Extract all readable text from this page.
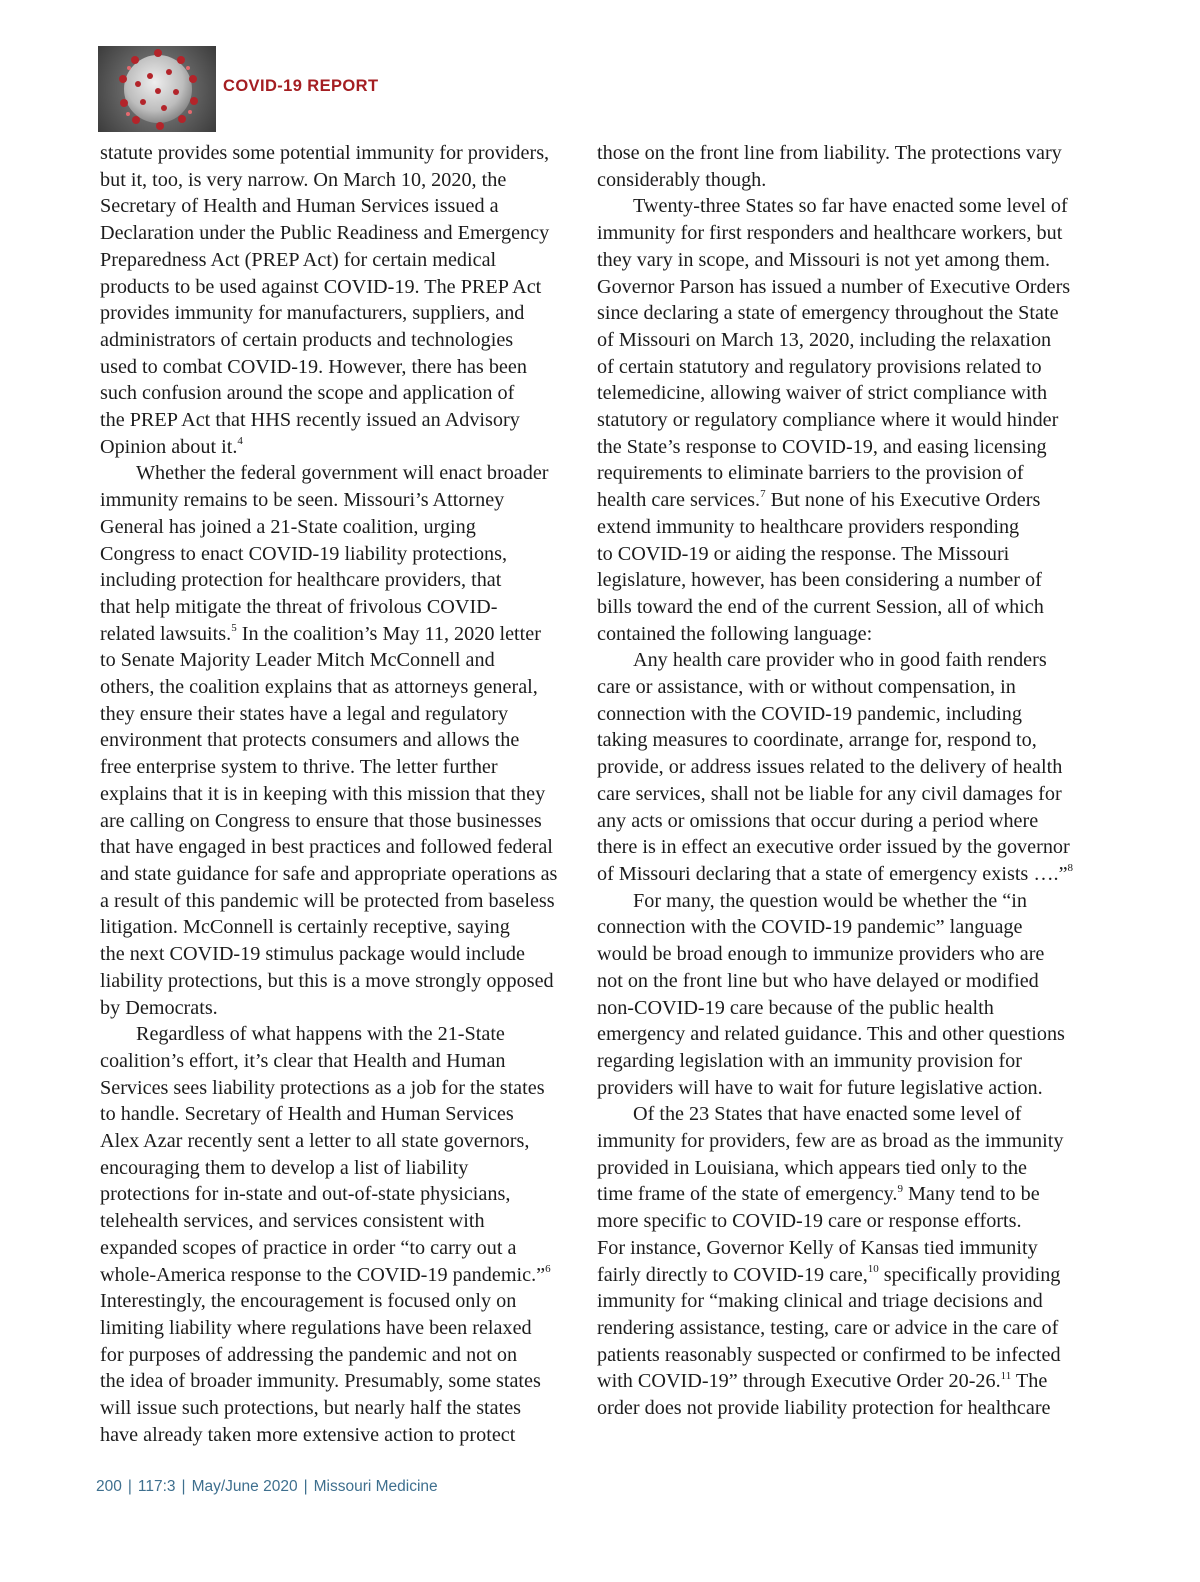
COVID-19 REPORT
statute provides some potential immunity for providers,
but it, too, is very narrow. On March 10, 2020, the
Secretary of Health and Human Services issued a
Declaration under the Public Readiness and Emergency
Preparedness Act (PREP Act) for certain medical
products to be used against COVID-19. The PREP Act
provides immunity for manufacturers, suppliers, and
administrators of certain products and technologies
used to combat COVID-19. However, there has been
such confusion around the scope and application of
the PREP Act that HHS recently issued an Advisory
Opinion about it.$^4$
Whether the federal government will enact broader
immunity remains to be seen. Missouri’s Attorney
General has joined a 21-State coalition, urging
Congress to enact COVID-19 liability protections,
including protection for healthcare providers, that
that help mitigate the threat of frivolous COVID-
related lawsuits.$^5$ In the coalition’s May 11, 2020 letter
to Senate Majority Leader Mitch McConnell and
others, the coalition explains that as attorneys general,
they ensure their states have a legal and regulatory
environment that protects consumers and allows the
free enterprise system to thrive. The letter further
explains that it is in keeping with this mission that they
are calling on Congress to ensure that those businesses
that have engaged in best practices and followed federal
and state guidance for safe and appropriate operations as
a result of this pandemic will be protected from baseless
litigation. McConnell is certainly receptive, saying
the next COVID-19 stimulus package would include
liability protections, but this is a move strongly opposed
by Democrats.
Regardless of what happens with the 21-State
coalition’s effort, it’s clear that Health and Human
Services sees liability protections as a job for the states
to handle. Secretary of Health and Human Services
Alex Azar recently sent a letter to all state governors,
encouraging them to develop a list of liability
protections for in-state and out-of-state physicians,
telehealth services, and services consistent with
expanded scopes of practice in order “to carry out a
whole-America response to the COVID-19 pandemic.”$^6$
Interestingly, the encouragement is focused only on
limiting liability where regulations have been relaxed
for purposes of addressing the pandemic and not on
the idea of broader immunity. Presumably, some states
will issue such protections, but nearly half the states
have already taken more extensive action to protect
those on the front line from liability. The protections vary
considerably though.
Twenty-three States so far have enacted some level of
immunity for first responders and healthcare workers, but
they vary in scope, and Missouri is not yet among them.
Governor Parson has issued a number of Executive Orders
since declaring a state of emergency throughout the State
of Missouri on March 13, 2020, including the relaxation
of certain statutory and regulatory provisions related to
telemedicine, allowing waiver of strict compliance with
statutory or regulatory compliance where it would hinder
the State’s response to COVID-19, and easing licensing
requirements to eliminate barriers to the provision of
health care services.$^7$ But none of his Executive Orders
extend immunity to healthcare providers responding
to COVID-19 or aiding the response. The Missouri
legislature, however, has been considering a number of
bills toward the end of the current Session, all of which
contained the following language:
Any health care provider who in good faith renders
care or assistance, with or without compensation, in
connection with the COVID-19 pandemic, including
taking measures to coordinate, arrange for, respond to,
provide, or address issues related to the delivery of health
care services, shall not be liable for any civil damages for
any acts or omissions that occur during a period where
there is in effect an executive order issued by the governor
of Missouri declaring that a state of emergency exists ….”$^8$
For many, the question would be whether the “in
connection with the COVID-19 pandemic” language
would be broad enough to immunize providers who are
not on the front line but who have delayed or modified
non-COVID-19 care because of the public health
emergency and related guidance. This and other questions
regarding legislation with an immunity provision for
providers will have to wait for future legislative action.
Of the 23 States that have enacted some level of
immunity for providers, few are as broad as the immunity
provided in Louisiana, which appears tied only to the
time frame of the state of emergency.$^9$ Many tend to be
more specific to COVID-19 care or response efforts.
For instance, Governor Kelly of Kansas tied immunity
fairly directly to COVID-19 care,$^{10}$ specifically providing
immunity for “making clinical and triage decisions and
rendering assistance, testing, care or advice in the care of
patients reasonably suspected or confirmed to be infected
with COVID-19” through Executive Order 20-26.11 The
order does not provide liability protection for healthcare
200 | 117:3 | May/June 2020 | Missouri Medicine
